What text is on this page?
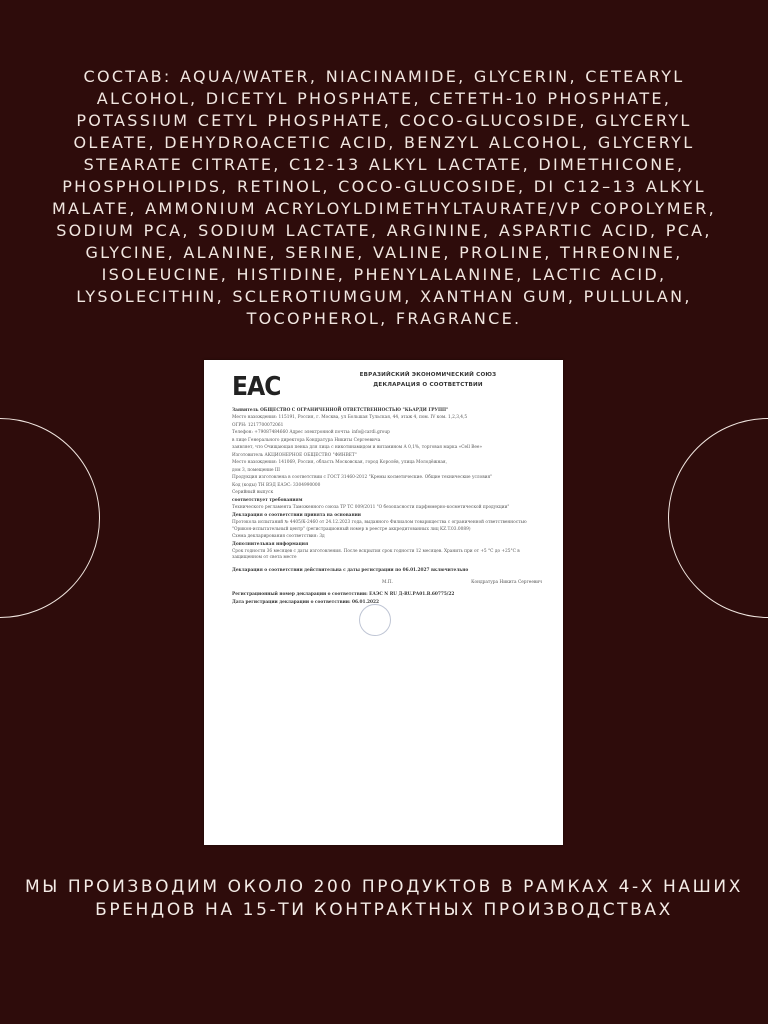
СОСТАВ: AQUA/WATER, NIACINAMIDE, GLYCERIN, CETEARYL ALCOHOL, DICETYL PHOSPHATE, CETETH-10 PHOSPHATE, POTASSIUM CETYL PHOSPHATE, COCO-GLUCOSIDE, GLYCERYL OLEATE, DEHYDROACETIC ACID, BENZYL ALCOHOL, GLYCERYL STEARATE CITRATE, C12-13 ALKYL LACTATE, DIMETHICONE, PHOSPHOLIPIDS, RETINOL, COCO-GLUCOSIDE, DI C12–13 ALKYL MALATE, AMMONIUM ACRYLOYLDIMETHYLTAURATE/VP COPOLYMER, SODIUM PCA, SODIUM LACTATE, ARGININE, ASPARTIC ACID, PCA, GLYCINE, ALANINE, SERINE, VALINE, PROLINE, THREONINE, ISOLEUCINE, HISTIDINE, PHENYLALANINE, LACTIC ACID, LYSOLECITHIN, SCLEROTIUMGUM, XANTHAN GUM, PULLULAN, TOCOPHEROL, FRAGRANCE.
EAC	ЕВРАЗИЙСКИЙ ЭКОНОМИЧЕСКИЙ СОЮЗ
ДЕКЛАРАЦИЯ О СООТВЕТСТВИИ

Заявитель ОБЩЕСТВО С ОГРАНИЧЕННОЙ ОТВЕТСТВЕННОСТЬЮ "КЬАРДИ ГРУПП"

Место нахождения: 115191, Россия, г. Москва, ул Большая Тульская, 44, этаж 4, пом. IV ком. 1,2,3,4,5

ОГРН: 1217700072061

Телефон: +79087484660 Адрес электронной почты: info@cardi.group

в лице Генерального директора Кондратура Никиты Сергеевича

заявляет, что Очищающая пенка для лица с никотинамидом и витамином А 0,1%, торговая марка «Cell Bee»

Изготовитель АКЦИОНЕРНОЕ ОБЩЕСТВО "ФИНВЕТ"

Место нахождения: 141069, Россия, область Московская, город Королёв, улица Молодёжная,

дом 3, помещение III

Продукция изготовлена в соответствии с ГОСТ 31460-2012 "Кремы косметические. Общие технические условия"

Код (коды) ТН ВЭД ЕАЭС: 3304990000

Серийный выпуск

соответствует требованиям

Технического регламента Таможенного союза ТР ТС 009/2011 "О безопасности парфюмерно-косметической продукции"

Декларация о соответствии принята на основании

Протокола испытаний № 4405/К-2460 от 24.12.2023 года, выданного Филиалом товарищества с ограниченной ответственностью "Орикон-испытательный центр" (регистрационный номер в реестре аккредитованных лиц KZ.T.03.0089)

Схема декларирования соответствия: 3д

Дополнительная информация

Срок годности 36 месяцев с даты изготовления. После вскрытия срок годности 12 месяцев. Хранить при от +5 °С до +25°С в защищенном от света месте

Декларация о соответствии действительна с даты регистрации по 06.01.2027 включительно

М.П.	Кондратура Никита Сергеевич

Регистрационный номер декларации о соответствии: ЕАЭС N RU Д-RU.РА01.В.60775/22

Дата регистрации декларации о соответствии: 06.01.2022

МЫ ПРОИЗВОДИМ ОКОЛО 200 ПРОДУКТОВ В РАМКАХ 4-Х НАШИХ БРЕНДОВ НА 15-ТИ КОНТРАКТНЫХ ПРОИЗВОДСТВАХ
